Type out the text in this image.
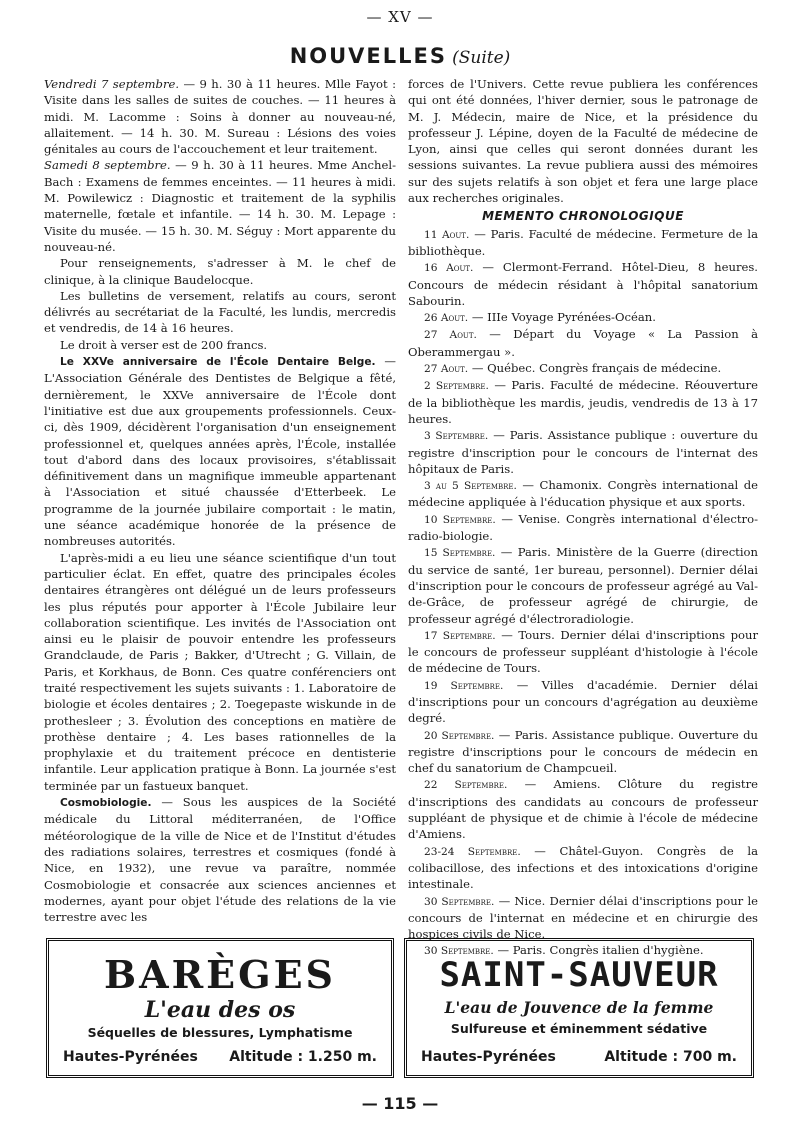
— XV —
NOUVELLES (Suite)

Vendredi 7 septembre. — 9 h. 30 à 11 heures. Mlle Fayot : Visite dans les salles de suites de couches. — 11 heures à midi. M. Lacomme : Soins à donner au nouveau-né, allaitement. — 14 h. 30. M. Sureau : Lésions des voies génitales au cours de l'accouchement et leur traitement.

Samedi 8 septembre. — 9 h. 30 à 11 heures. Mme Anchel-Bach : Examens de femmes enceintes. — 11 heures à midi. M. Powilewicz : Diagnostic et traitement de la syphilis maternelle, fœtale et infantile. — 14 h. 30. M. Lepage : Visite du musée. — 15 h. 30. M. Séguy : Mort apparente du nouveau-né.

Pour renseignements, s'adresser à M. le chef de clinique, à la clinique Baudelocque.

Les bulletins de versement, relatifs au cours, seront délivrés au secrétariat de la Faculté, les lundis, mercredis et vendredis, de 14 à 16 heures.

Le droit à verser est de 200 francs.

Le XXVe anniversaire de l'École Dentaire Belge. — L'Association Générale des Dentistes de Belgique a fêté, dernièrement, le XXVe anniversaire de l'École dont l'initiative est due aux groupements professionnels. Ceux-ci, dès 1909, décidèrent l'organisation d'un enseignement professionnel et, quelques années après, l'École, installée tout d'abord dans des locaux provisoires, s'établissait définitivement dans un magnifique immeuble appartenant à l'Association et situé chaussée d'Etterbeek. Le programme de la journée jubilaire comportait : le matin, une séance académique honorée de la présence de nombreuses autorités.

L'après-midi a eu lieu une séance scientifique d'un tout particulier éclat. En effet, quatre des principales écoles dentaires étrangères ont délégué un de leurs professeurs les plus réputés pour apporter à l'École Jubilaire leur collaboration scientifique. Les invités de l'Association ont ainsi eu le plaisir de pouvoir entendre les professeurs Grandclaude, de Paris ; Bakker, d'Utrecht ; G. Villain, de Paris, et Korkhaus, de Bonn. Ces quatre conférenciers ont traité respectivement les sujets suivants : 1. Laboratoire de biologie et écoles dentaires ; 2. Toegepaste wiskunde in de prothesleer ; 3. Évolution des conceptions en matière de prothèse dentaire ; 4. Les bases rationnelles de la prophylaxie et du traitement précoce en dentisterie infantile. Leur application pratique à Bonn. La journée s'est terminée par un fastueux banquet.

Cosmobiologie. — Sous les auspices de la Société médicale du Littoral méditerranéen, de l'Office météorologique de la ville de Nice et de l'Institut d'études des radiations solaires, terrestres et cosmiques (fondé à Nice, en 1932), une revue va paraître, nommée Cosmobiologie et consacrée aux sciences anciennes et modernes, ayant pour objet l'étude des relations de la vie terrestre avec les

forces de l'Univers. Cette revue publiera les conférences qui ont été données, l'hiver dernier, sous le patronage de M. J. Médecin, maire de Nice, et la présidence du professeur J. Lépine, doyen de la Faculté de médecine de Lyon, ainsi que celles qui seront données durant les sessions suivantes. La revue publiera aussi des mémoires sur des sujets relatifs à son objet et fera une large place aux recherches originales.

MEMENTO CHRONOLOGIQUE

11 Aout. — Paris. Faculté de médecine. Fermeture de la bibliothèque.

16 Aout. — Clermont-Ferrand. Hôtel-Dieu, 8 heures. Concours de médecin résidant à l'hôpital sanatorium Sabourin.

26 Aout. — IIIe Voyage Pyrénées-Océan.

27 Aout. — Départ du Voyage « La Passion à Oberammergau ».

27 Aout. — Québec. Congrès français de médecine.

2 Septembre. — Paris. Faculté de médecine. Réouverture de la bibliothèque les mardis, jeudis, vendredis de 13 à 17 heures.

3 Septembre. — Paris. Assistance publique : ouverture du registre d'inscription pour le concours de l'internat des hôpitaux de Paris.

3 au 5 Septembre. — Chamonix. Congrès international de médecine appliquée à l'éducation physique et aux sports.

10 Septembre. — Venise. Congrès international d'électro-radio-biologie.

15 Septembre. — Paris. Ministère de la Guerre (direction du service de santé, 1er bureau, personnel). Dernier délai d'inscription pour le concours de professeur agrégé au Val-de-Grâce, de professeur agrégé de chirurgie, de professeur agrégé d'électroradiologie.

17 Septembre. — Tours. Dernier délai d'inscriptions pour le concours de professeur suppléant d'histologie à l'école de médecine de Tours.

19 Septembre. — Villes d'académie. Dernier délai d'inscriptions pour un concours d'agrégation au deuxième degré.

20 Septembre. — Paris. Assistance publique. Ouverture du registre d'inscriptions pour le concours de médecin en chef du sanatorium de Champcueil.

22 Septembre. — Amiens. Clôture du registre d'inscriptions des candidats au concours de professeur suppléant de physique et de chimie à l'école de médecine d'Amiens.

23-24 Septembre. — Châtel-Guyon. Congrès de la colibacillose, des infections et des intoxications d'origine intestinale.

30 Septembre. — Nice. Dernier délai d'inscriptions pour le concours de l'internat en médecine et en chirurgie des hospices civils de Nice.

30 Septembre. — Paris. Congrès italien d'hygiène.

BARÈGES
L'eau des os
Séquelles de blessures, Lymphatisme
Hautes-Pyrénées Altitude : 1.250 m.
SAINT-SAUVEUR
L'eau de Jouvence de la femme
Sulfureuse et éminemment sédative
Hautes-Pyrénées	Altitude : 700 m.
— 115 —
